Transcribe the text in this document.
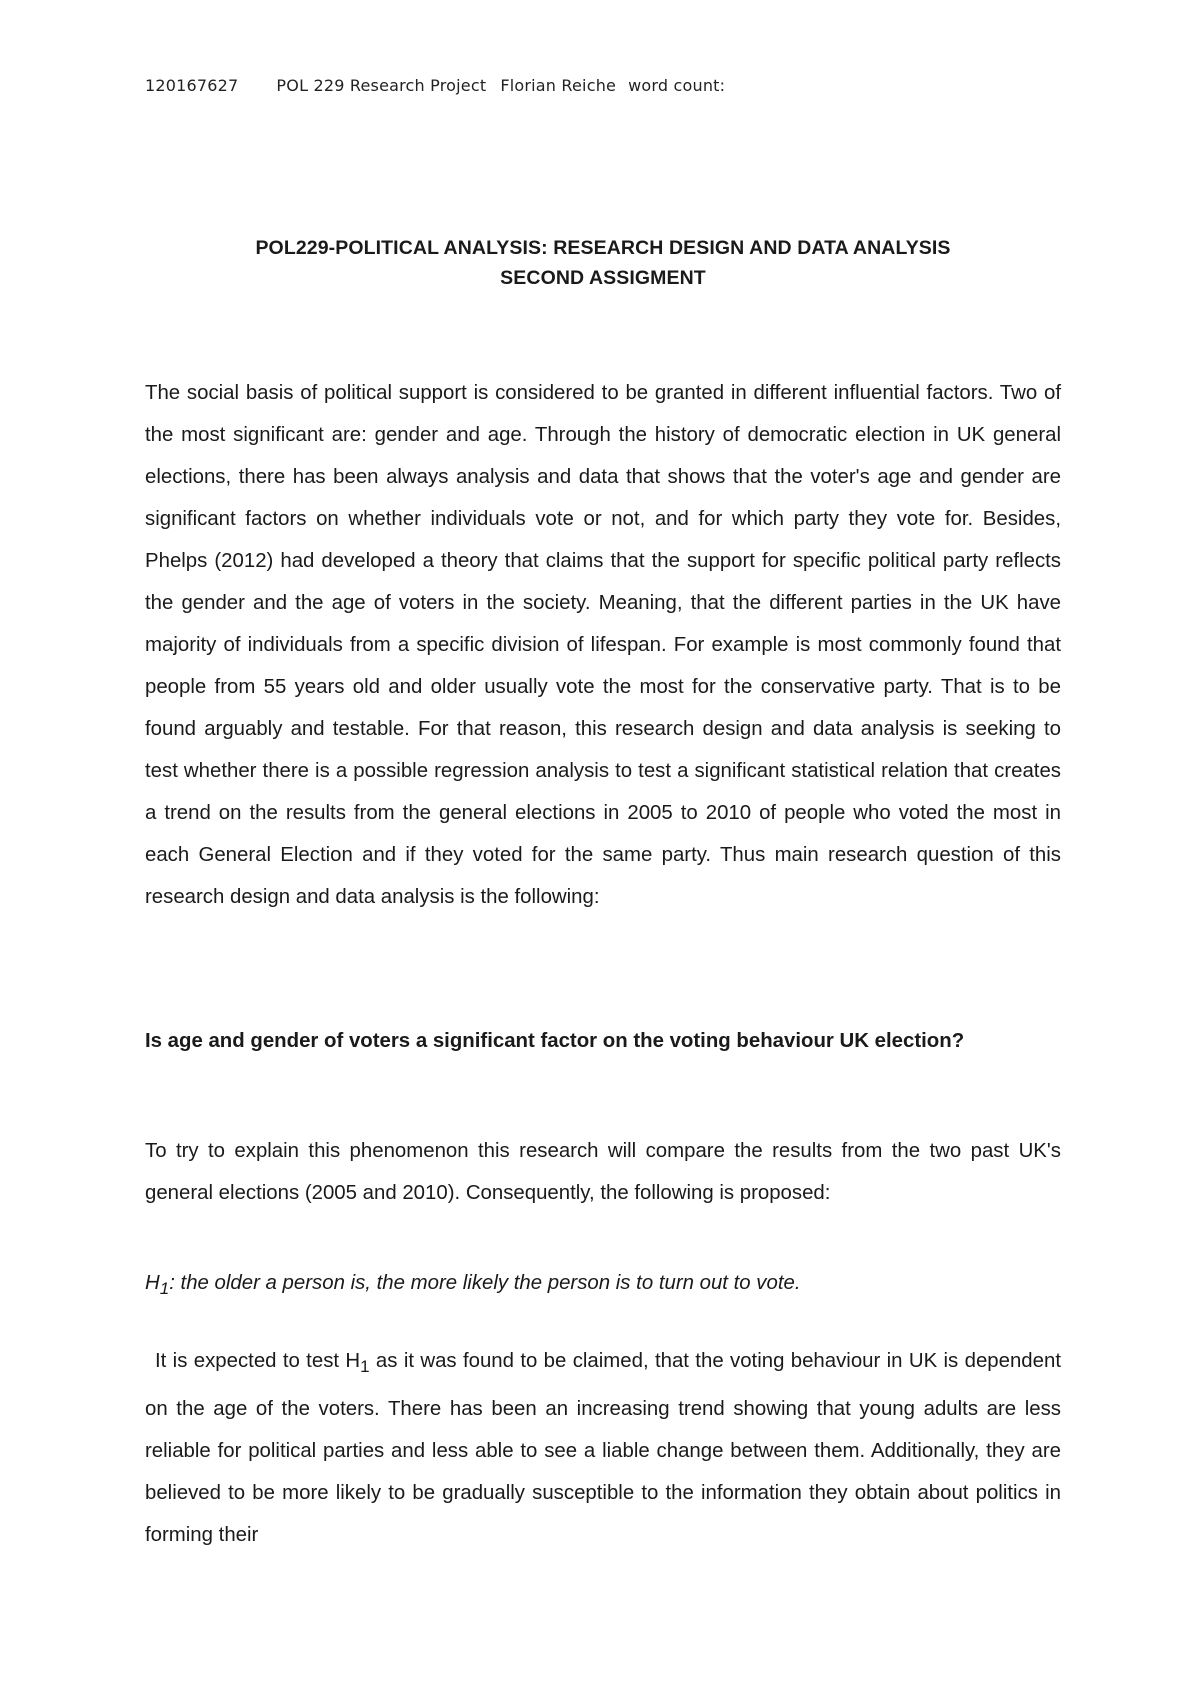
120167627 POL 229 Research Project Florian Reiche word count:
POL229-POLITICAL ANALYSIS: RESEARCH DESIGN AND DATA ANALYSIS
SECOND ASSIGMENT

The social basis of political support is considered to be granted in different influential factors. Two of the most significant are: gender and age. Through the history of democratic election in UK general elections, there has been always analysis and data that shows that the voter's age and gender are significant factors on whether individuals vote or not, and for which party they vote for. Besides, Phelps (2012) had developed a theory that claims that the support for specific political party reflects the gender and the age of voters in the society. Meaning, that the different parties in the UK have majority of individuals from a specific division of lifespan. For example is most commonly found that people from 55 years old and older usually vote the most for the conservative party. That is to be found arguably and testable. For that reason, this research design and data analysis is seeking to test whether there is a possible regression analysis to test a significant statistical relation that creates a trend on the results from the general elections in 2005 to 2010 of people who voted the most in each General Election and if they voted for the same party. Thus main research question of this research design and data analysis is the following:

Is age and gender of voters a significant factor on the voting behaviour UK election?

To try to explain this phenomenon this research will compare the results from the two past UK's general elections (2005 and 2010). Consequently, the following is proposed:

$H_1$: the older a person is, the more likely the person is to turn out to vote.

It is expected to test $H_1$ as it was found to be claimed, that the voting behaviour in UK is dependent on the age of the voters. There has been an increasing trend showing that young adults are less reliable for political parties and less able to see a liable change between them. Additionally, they are believed to be more likely to be gradually susceptible to the information they obtain about politics in forming their
